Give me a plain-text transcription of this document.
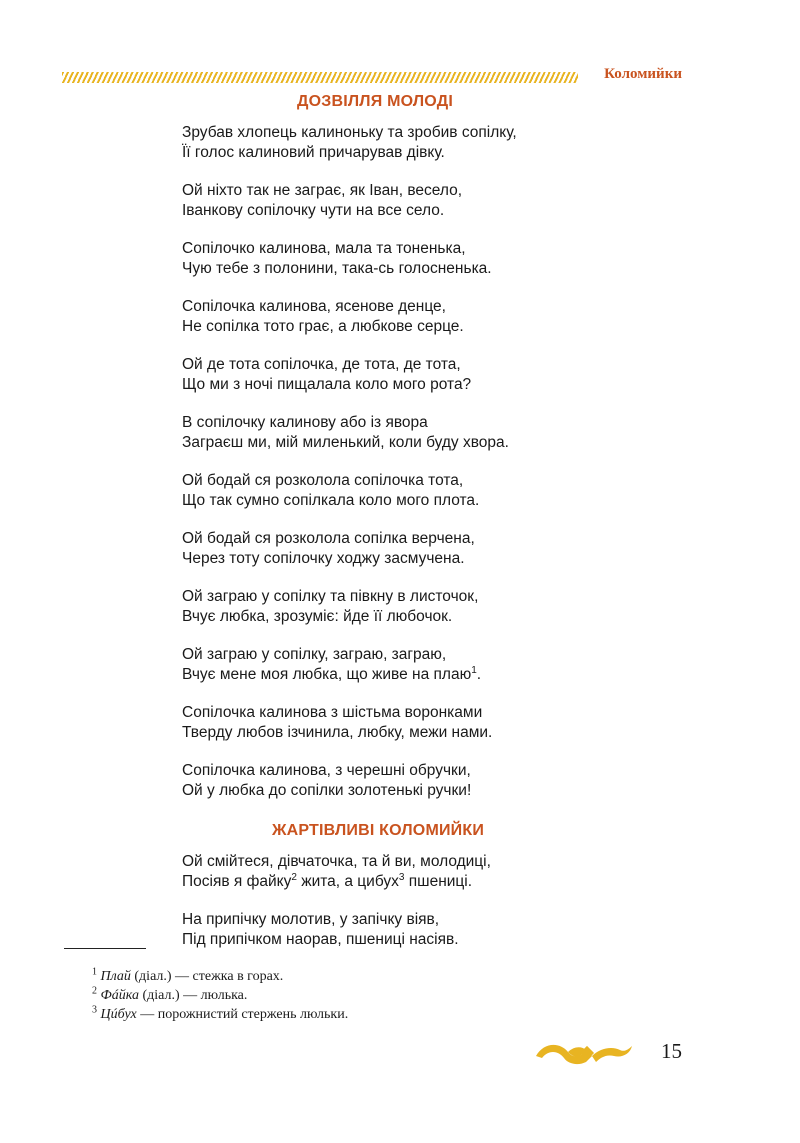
Коломийки
ДОЗВІЛЛЯ МОЛОДІ
Зрубав хлопець калиноньку та зробив сопілку,
Її голос калиновий причарував дівку.
Ой ніхто так не заграє, як Іван, весело,
Іванкову сопілочку чути на все село.
Сопілочко калинова, мала та тоненька,
Чую тебе з полонини, така-сь голосненька.
Сопілочка калинова, ясенове денце,
Не сопілка тото грає, а любкове серце.
Ой де тота сопілочка, де тота, де тота,
Що ми з ночі пищалала коло мого рота?
В сопілочку калинову або із явора
Заграєш ми, мій миленький, коли буду хвора.
Ой бодай ся розколола сопілочка тота,
Що так сумно сопілкала коло мого плота.
Ой бодай ся розколола сопілка верчена,
Через тоту сопілочку ходжу засмучена.
Ой заграю у сопілку та півкну в листочок,
Вчує любка, зрозуміє: йде її любочок.
Ой заграю у сопілку, заграю, заграю,
Вчує мене моя любка, що живе на плаю$^1$.
Сопілочка калинова з шістьма воронками
Тверду любов ізчинила, любку, межи нами.
Сопілочка калинова, з черешні обручки,
Ой у любка до сопілки золотенькі ручки!
ЖАРТІВЛИВІ КОЛОМИЙКИ
Ой смійтеся, дівчаточка, та й ви, молодиці,
Посіяв я файку$^2$ жита, а цибух$^3$ пшениці.
На припічку молотив, у запічку віяв,
Під припічком наорав, пшениці насіяв.
$^1$ Плай (діал.) — стежка в горах.
$^2$ Фáйка (діал.) — люлька.
$^3$ Цúбух — порожнистий стержень люльки.
15
